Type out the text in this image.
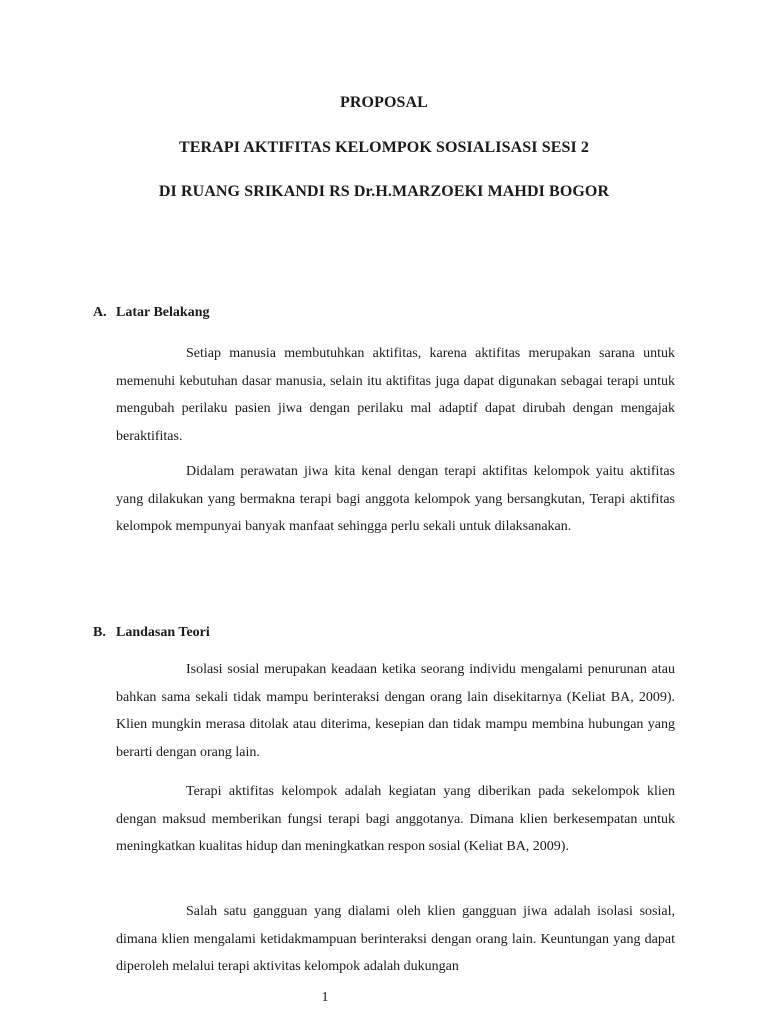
PROPOSAL
TERAPI AKTIFITAS KELOMPOK SOSIALISASI SESI 2
DI RUANG SRIKANDI RS Dr.H.MARZOEKI MAHDI BOGOR
A. Latar Belakang

Setiap manusia membutuhkan aktifitas, karena aktifitas merupakan sarana untuk memenuhi kebutuhan dasar manusia, selain itu aktifitas juga dapat digunakan sebagai terapi untuk mengubah perilaku pasien jiwa dengan perilaku mal adaptif dapat dirubah dengan mengajak beraktifitas.

Didalam perawatan jiwa kita kenal dengan terapi aktifitas kelompok yaitu aktifitas yang dilakukan yang bermakna terapi bagi anggota kelompok yang bersangkutan, Terapi aktifitas kelompok mempunyai banyak manfaat sehingga perlu sekali untuk dilaksanakan.

B. Landasan Teori

Isolasi sosial merupakan keadaan ketika seorang individu mengalami penurunan atau bahkan sama sekali tidak mampu berinteraksi dengan orang lain disekitarnya (Keliat BA, 2009). Klien mungkin merasa ditolak atau diterima, kesepian dan tidak mampu membina hubungan yang berarti dengan orang lain.

Terapi aktifitas kelompok adalah kegiatan yang diberikan pada sekelompok klien dengan maksud memberikan fungsi terapi bagi anggotanya. Dimana klien berkesempatan untuk meningkatkan kualitas hidup dan meningkatkan respon sosial (Keliat BA, 2009).

Salah satu gangguan yang dialami oleh klien gangguan jiwa adalah isolasi sosial, dimana klien mengalami ketidakmampuan berinteraksi dengan orang lain. Keuntungan yang dapat diperoleh melalui terapi aktivitas kelompok adalah dukungan

1
